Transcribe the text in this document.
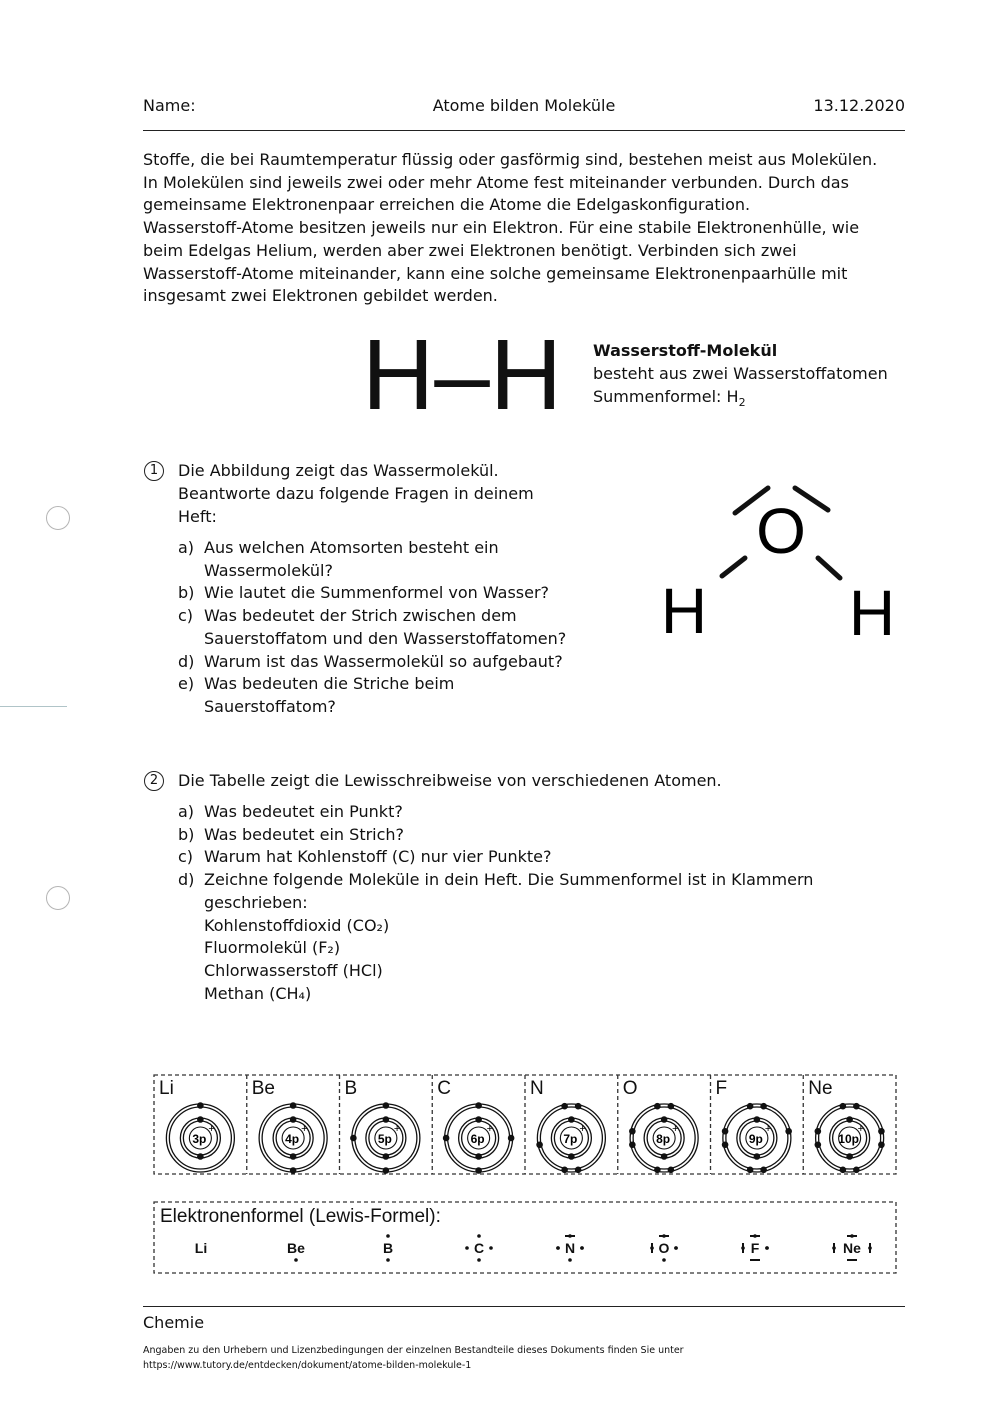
Name:	Atome bilden Moleküle	13.12.2020
Stoffe, die bei Raumtemperatur flüssig oder gasförmig sind, bestehen meist aus Molekülen.
In Molekülen sind jeweils zwei oder mehr Atome fest miteinander verbunden. Durch das
gemeinsame Elektronenpaar erreichen die Atome die Edelgaskonfiguration.
Wasserstoff-Atome besitzen jeweils nur ein Elektron. Für eine stabile Elektronenhülle, wie
beim Edelgas Helium, werden aber zwei Elektronen benötigt. Verbinden sich zwei
Wasserstoff-Atome miteinander, kann eine solche gemeinsame Elektronenpaarhülle mit
insgesamt zwei Elektronen gebildet werden.
H–H Wasserstoff-Molekül
besteht aus zwei Wasserstoffatomen
Summenformel: $H_2$
1	Die Abbildung zeigt das Wassermolekül.
Beantworte dazu folgende Fragen in deinem
Heft:
a) Aus welchen Atomsorten besteht ein
Wassermolekül?
b) Wie lautet die Summenformel von Wasser?
c) Was bedeutet der Strich zwischen dem
Sauerstoffatom und den Wasserstoffatomen?
d) Warum ist das Wassermolekül so aufgebaut?
e) Was bedeuten die Striche beim
Sauerstoffatom?
O
H H
2	Die Tabelle zeigt die Lewisschreibweise von verschiedenen Atomen.
a) Was bedeutet ein Punkt?
b) Was bedeutet ein Strich?
c) Warum hat Kohlenstoff (C) nur vier Punkte?
d) Zeichne folgende Moleküle in dein Heft. Die Summenformel ist in Klammern
geschrieben:
Kohlenstoffdioxid (CO₂)
Fluormolekül (F₂)
Chlorwasserstoff (HCl)
Methan (CH₄)
Li
3p
+
Be
4p
+
B
5p
+
C
6p
+
N
7p
+
O
8p
+
F
9p
+
Ne
10p
+
Elektronenformel (Lewis-Formel):
Li	Be	B	C	N	O	F	Ne
Chemie
Angaben zu den Urhebern und Lizenzbedingungen der einzelnen Bestandteile dieses Dokuments finden Sie unter
https://www.tutory.de/entdecken/dokument/atome-bilden-molekule-1
